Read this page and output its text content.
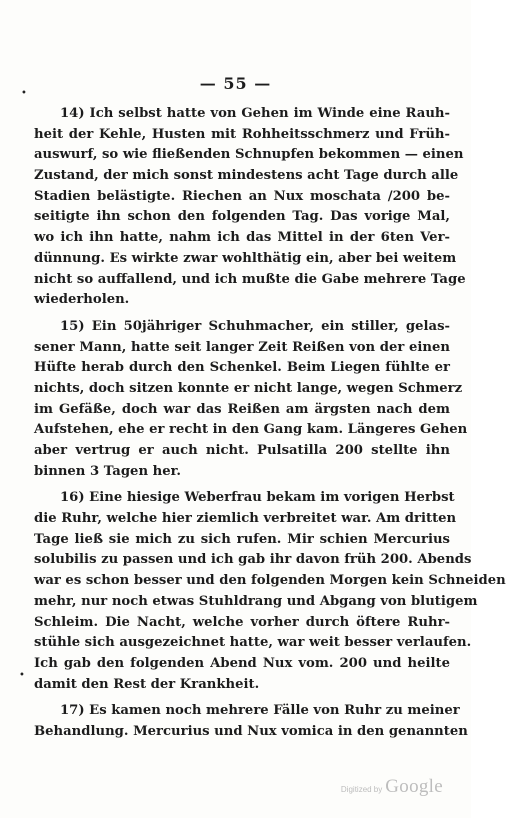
— 55 —
•
•
14) Ich selbst hatte von Gehen im Winde eine Rauh-
heit der Kehle, Husten mit Rohheitsschmerz und Früh-
auswurf, so wie fließenden Schnupfen bekommen — einen
Zustand, der mich sonst mindestens acht Tage durch alle
Stadien belästigte. Riechen an Nux moschata /200 be-
seitigte ihn schon den folgenden Tag. Das vorige Mal,
wo ich ihn hatte, nahm ich das Mittel in der 6ten Ver-
dünnung. Es wirkte zwar wohlthätig ein, aber bei weitem
nicht so auffallend, und ich mußte die Gabe mehrere Tage
wiederholen.
15) Ein 50jähriger Schuhmacher, ein stiller, gelas-
sener Mann, hatte seit langer Zeit Reißen von der einen
Hüfte herab durch den Schenkel. Beim Liegen fühlte er
nichts, doch sitzen konnte er nicht lange, wegen Schmerz
im Gefäße, doch war das Reißen am ärgsten nach dem
Aufstehen, ehe er recht in den Gang kam. Längeres Gehen
aber vertrug er auch nicht. Pulsatilla 200 stellte ihn
binnen 3 Tagen her.
16) Eine hiesige Weberfrau bekam im vorigen Herbst
die Ruhr, welche hier ziemlich verbreitet war. Am dritten
Tage ließ sie mich zu sich rufen. Mir schien Mercurius
solubilis zu passen und ich gab ihr davon früh 200. Abends
war es schon besser und den folgenden Morgen kein Schneiden
mehr, nur noch etwas Stuhldrang und Abgang von blutigem
Schleim. Die Nacht, welche vorher durch öftere Ruhr-
stühle sich ausgezeichnet hatte, war weit besser verlaufen.
Ich gab den folgenden Abend Nux vom. 200 und heilte
damit den Rest der Krankheit.
17) Es kamen noch mehrere Fälle von Ruhr zu meiner
Behandlung. Mercurius und Nux vomica in den genannten
Digitized by Google
